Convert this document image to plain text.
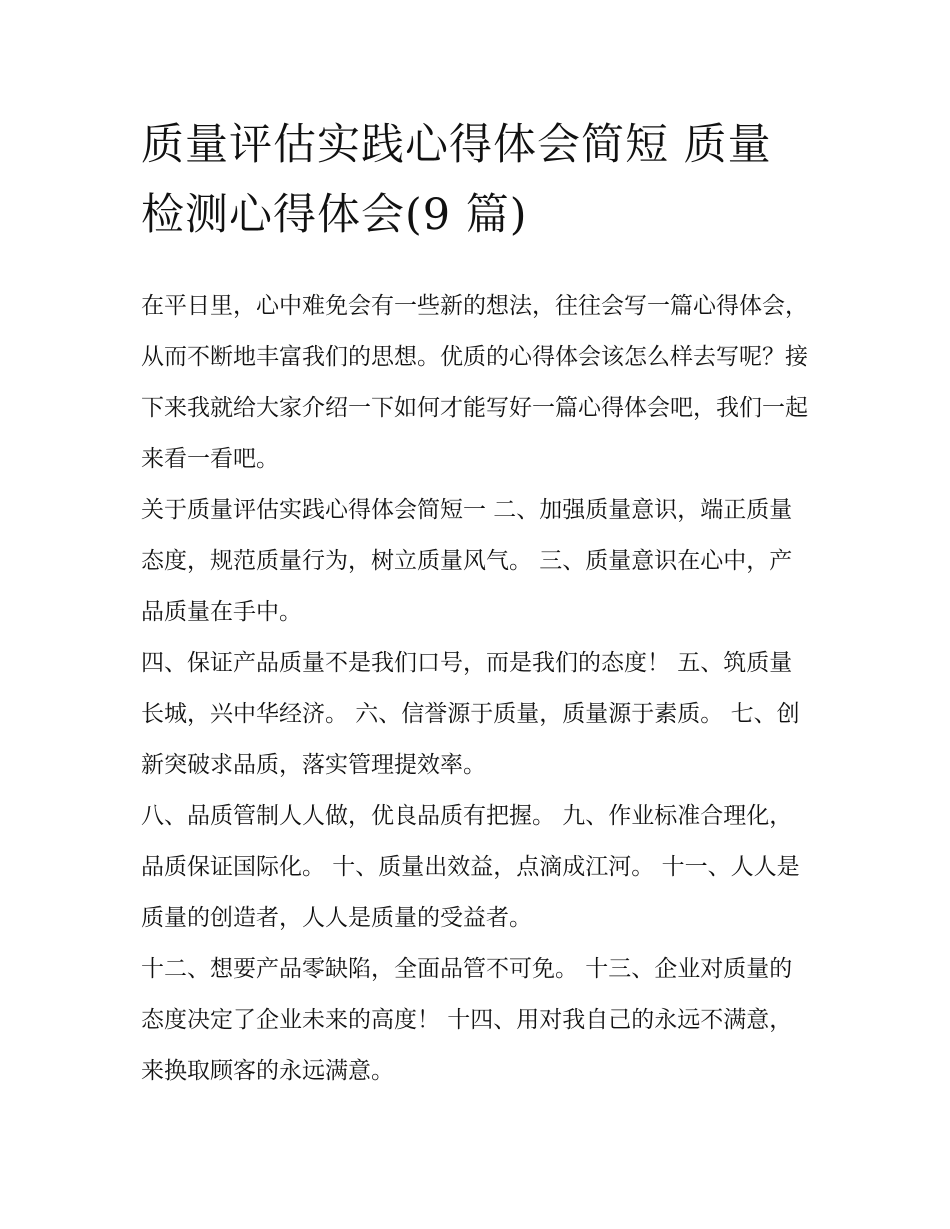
质量评估实践心得体会简短 质量检测心得体会(9 篇)

在平日里，心中难免会有一些新的想法，往往会写一篇心得体会，从而不断地丰富我们的思想。优质的心得体会该怎么样去写呢？接下来我就给大家介绍一下如何才能写好一篇心得体会吧，我们一起来看一看吧。

关于质量评估实践心得体会简短一 二、加强质量意识，端正质量态度，规范质量行为，树立质量风气。 三、质量意识在心中，产品质量在手中。

四、保证产品质量不是我们口号，而是我们的态度！ 五、筑质量长城，兴中华经济。 六、信誉源于质量，质量源于素质。 七、创新突破求品质，落实管理提效率。

八、品质管制人人做，优良品质有把握。 九、作业标准合理化，品质保证国际化。 十、质量出效益，点滴成江河。 十一、人人是质量的创造者，人人是质量的受益者。

十二、想要产品零缺陷，全面品管不可免。 十三、企业对质量的态度决定了企业未来的高度！ 十四、用对我自己的永远不满意，来换取顾客的永远满意。
